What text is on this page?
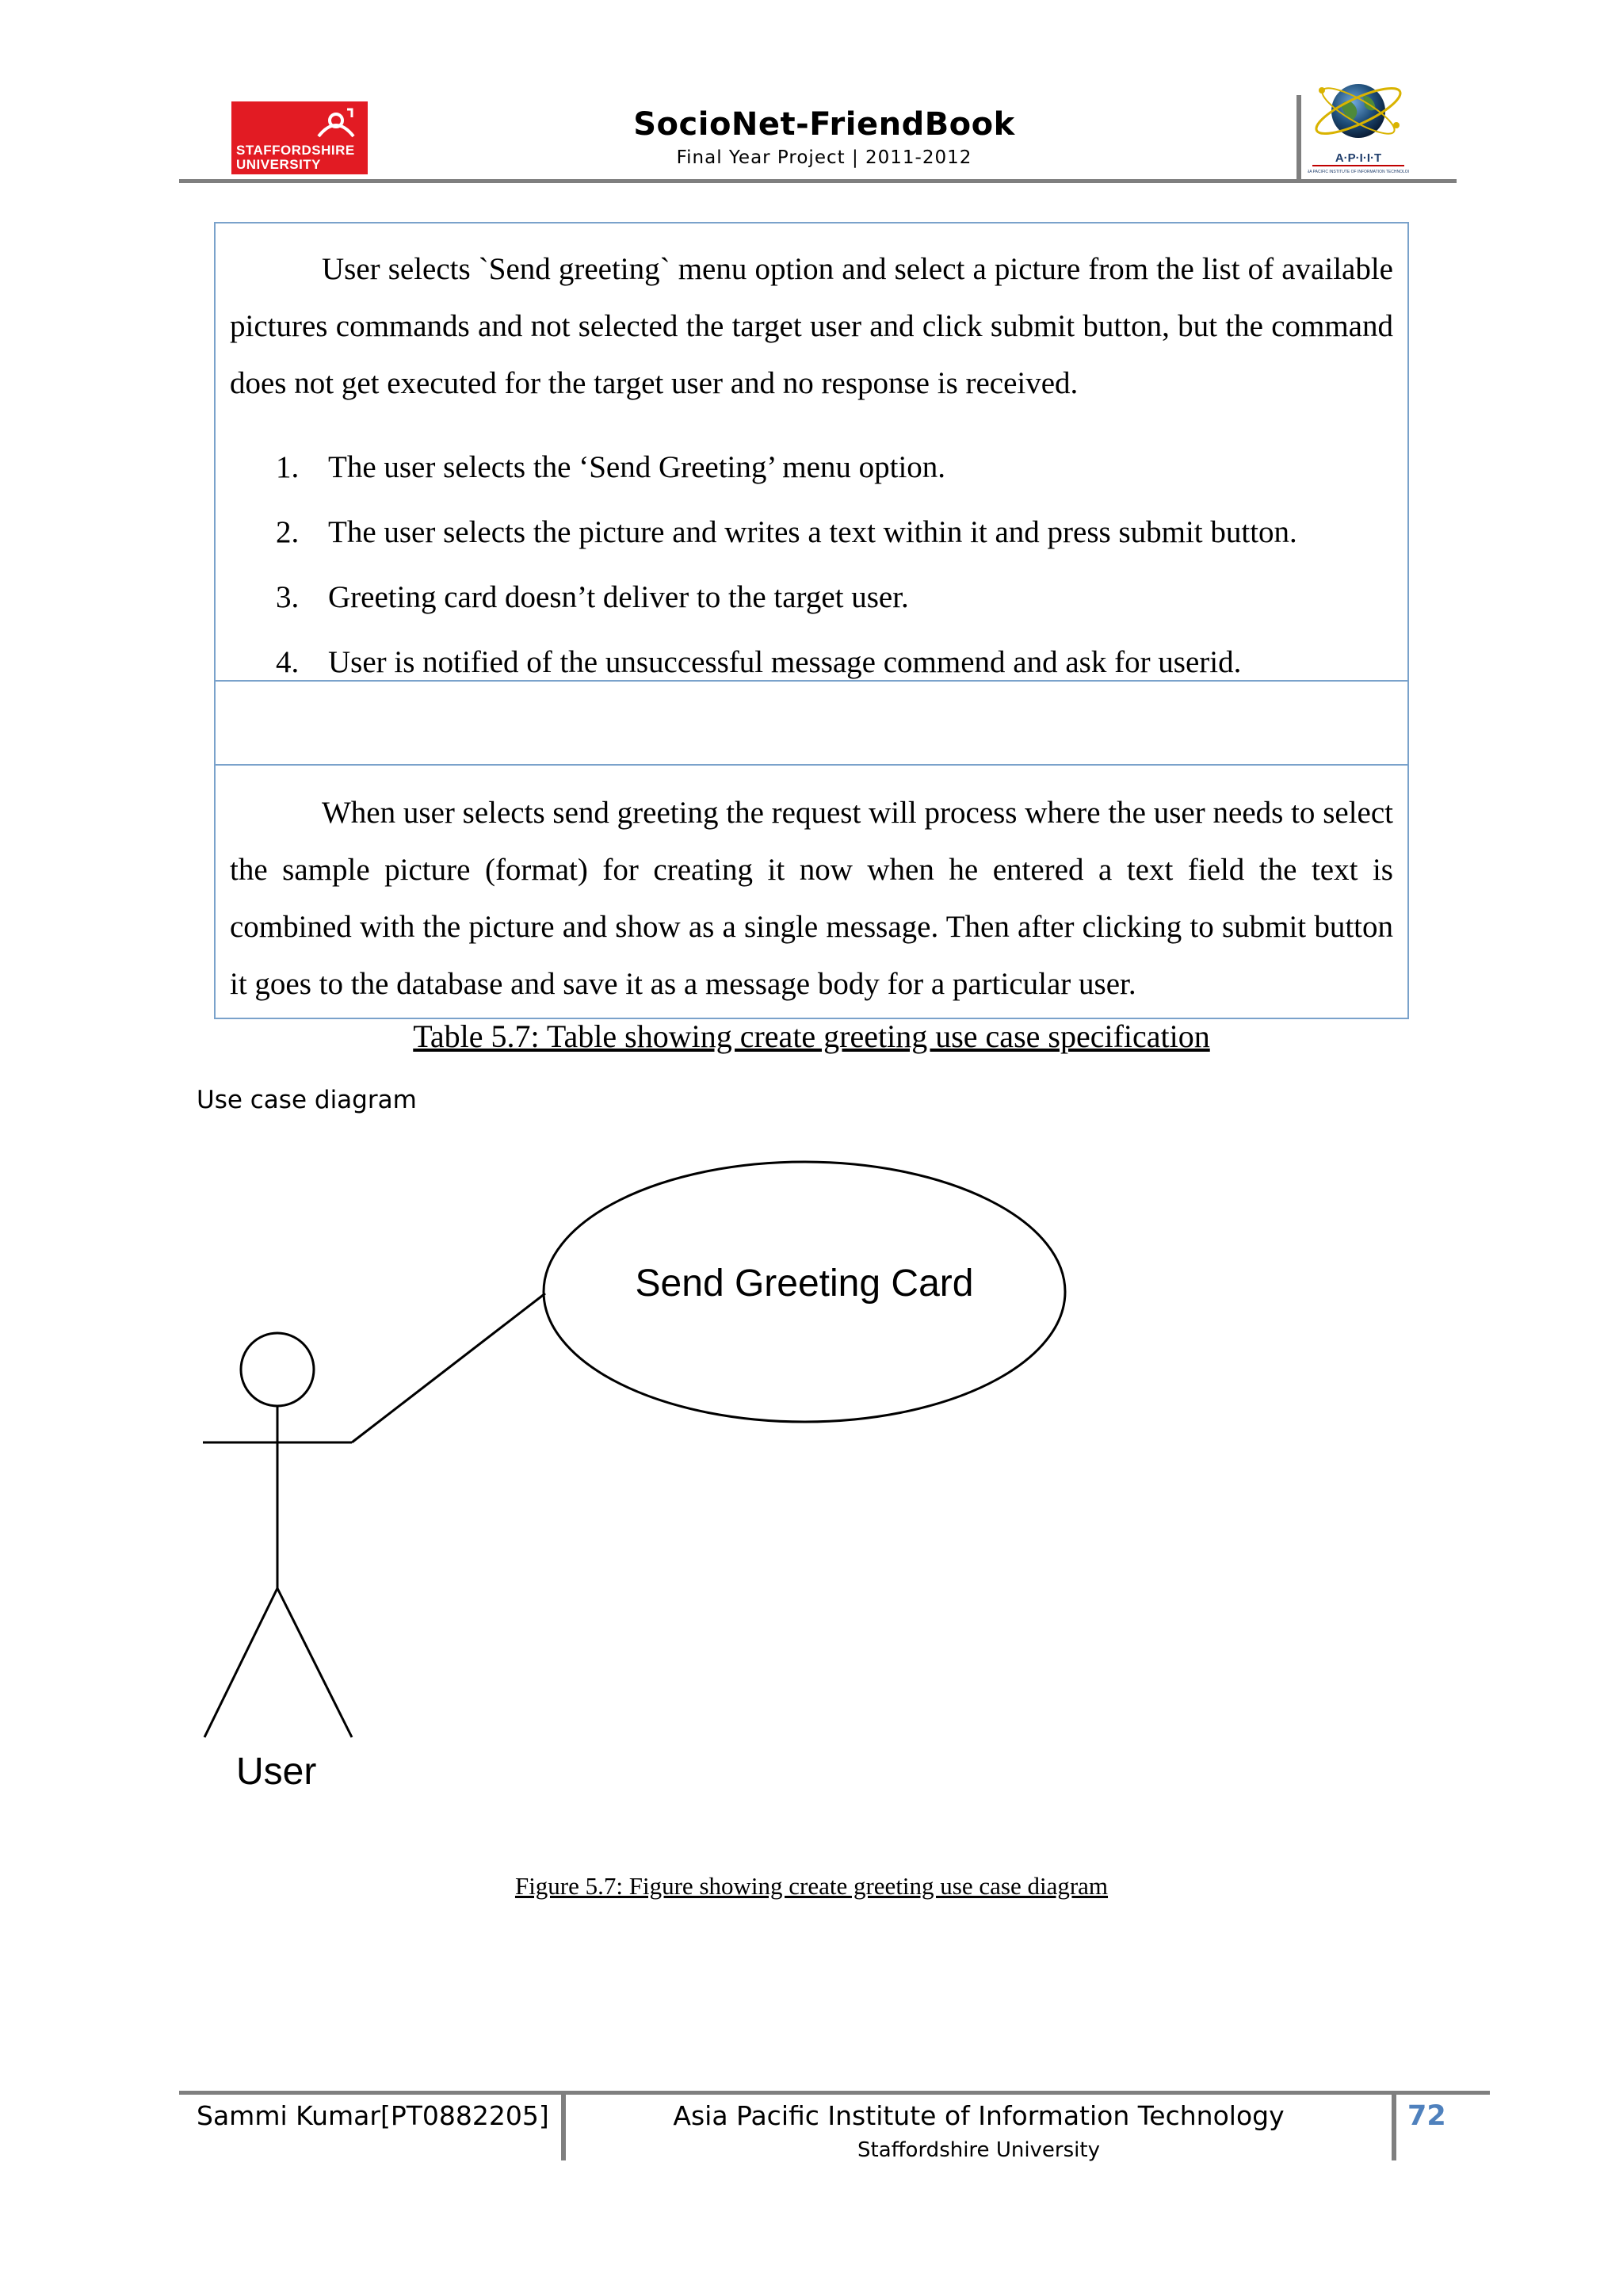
STAFFORDSHIRE
UNIVERSITY
SocioNet-FriendBook
Final Year Project | 2011-2012	A·P·I·I·T
ASIA PACIFIC INSTITUTE OF INFORMATION TECHNOLOGY
User selects `Send greeting` menu option and select a picture from the list of available pictures commands and not selected the target user and click submit button, but the command does not get executed for the target user and no response is received.
1. The user selects the ‘Send Greeting’ menu option.
2. The user selects the picture and writes a text within it and press submit button.
3. Greeting card doesn’t deliver to the target user.
4. User is notified of the unsuccessful message commend and ask for userid.
When user selects send greeting the request will process where the user needs to select the sample picture (format) for creating it now when he entered a text field the text is combined with the picture and show as a single message. Then after clicking to submit button it goes to the database and save it as a message body for a particular user.
Table 5.7: Table showing create greeting use case specification
Use case diagram
Send Greeting Card
User
Figure 5.7: Figure showing create greeting use case diagram
Sammi Kumar[PT0882205]	Asia Pacific Institute of Information Technology
Staffordshire University
72
